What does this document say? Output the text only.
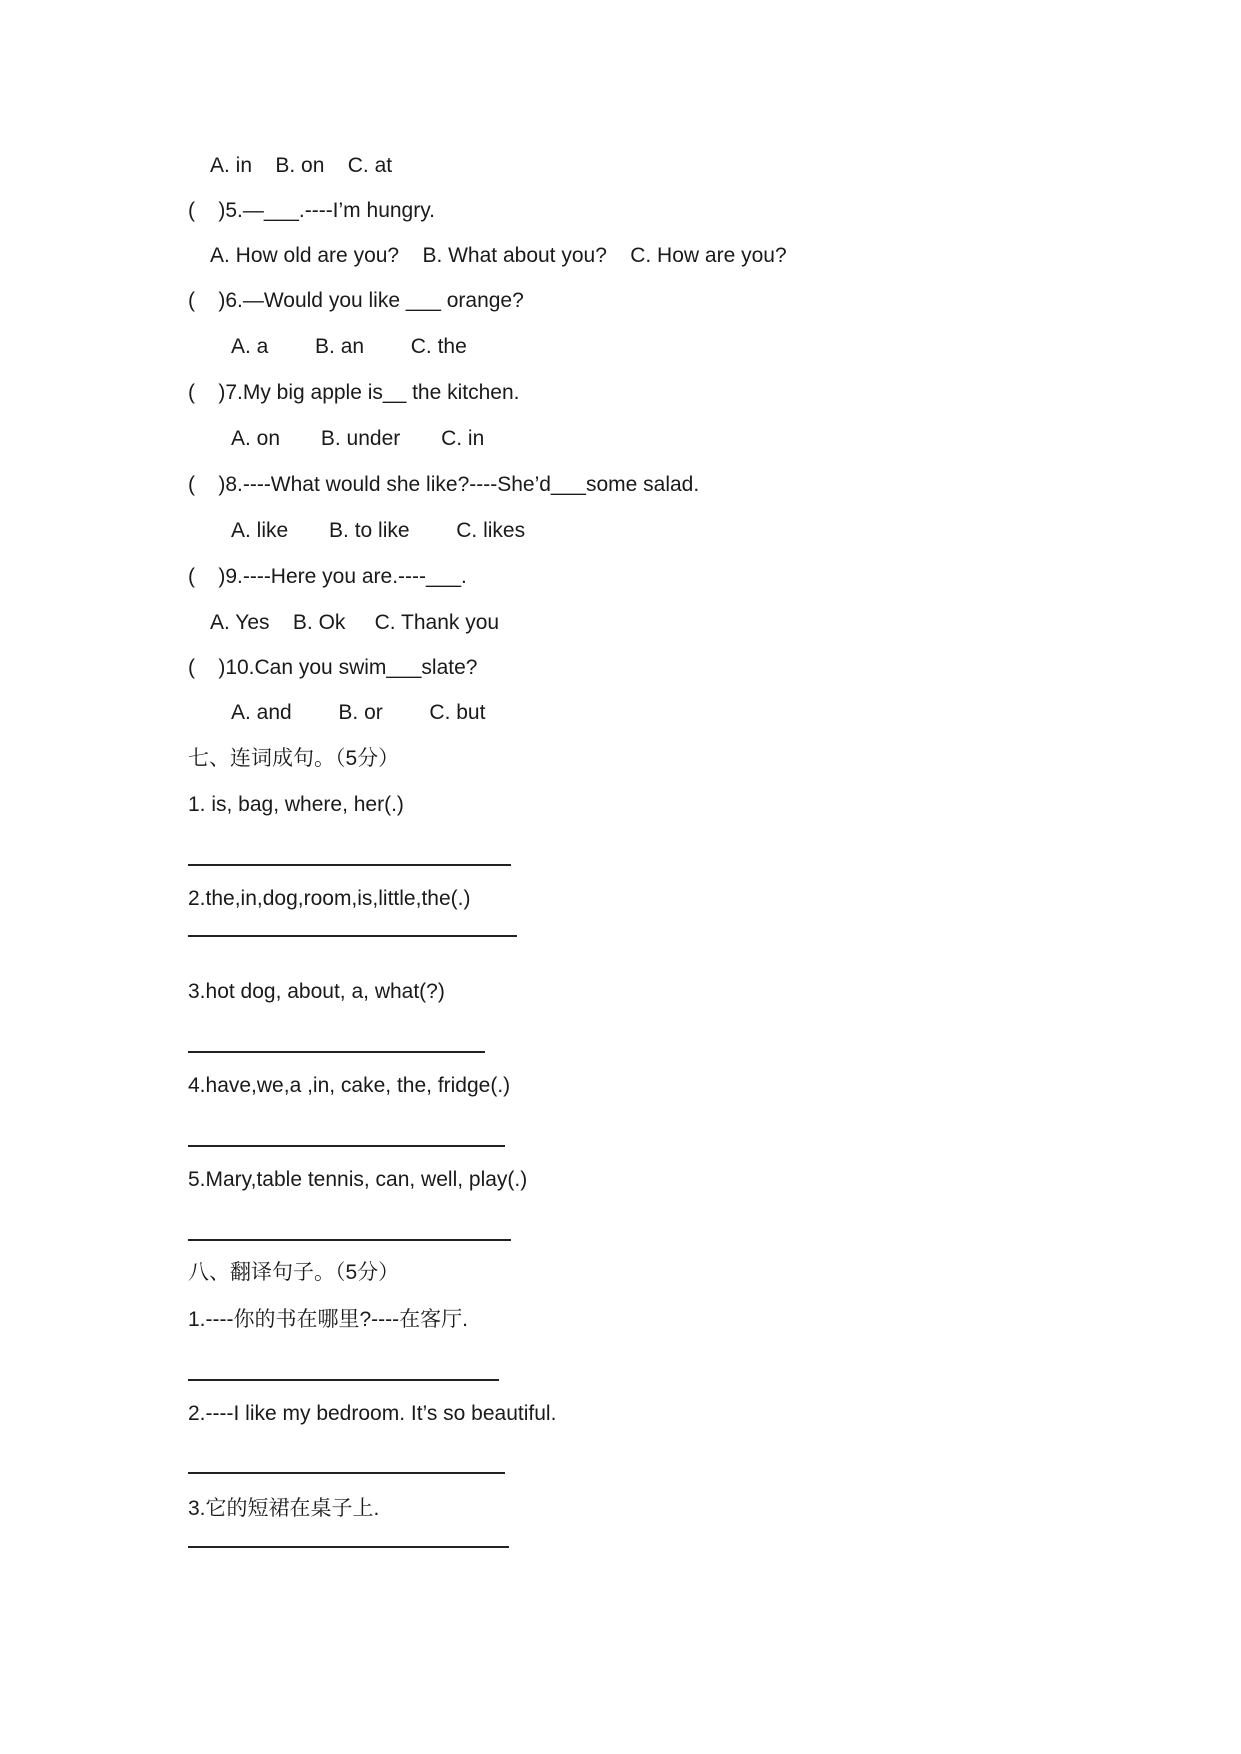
A. in    B. on    C. at
(    )5.—___.----I’m hungry.
A. How old are you?    B. What about you?    C. How are you?
(    )6.—Would you like ___ orange?
A. a        B. an        C. the
(    )7.My big apple is__ the kitchen.
A. on       B. under       C. in
(    )8.----What would she like?----She’d___some salad.
A. like       B. to like        C. likes
(    )9.----Here you are.----___.
A. Yes    B. Ok     C. Thank you
(    )10.Can you swim___slate?
A. and        B. or        C. but
七、连词成句。（5分）
1. is, bag, where, her(.)
2.the,in,dog,room,is,little,the(.)
3.hot dog, about, a, what(?)
4.have,we,a ,in, cake, the, fridge(.)
5.Mary,table tennis, can, well, play(.)
八、翻译句子。（5分）
1.----你的书在哪里?----在客厅.
2.----I like my bedroom. It’s so beautiful.
3.它的短裙在桌子上.
